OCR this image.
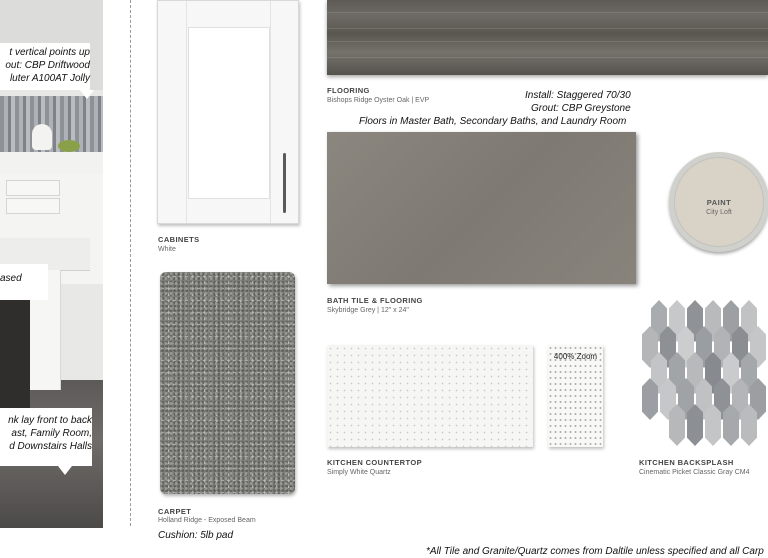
t vertical points up
out: CBP Driftwood
luter A100AT Jolly
ased
nk lay front to back
ast, Family Room,
d Downstairs Halls
CABINETS
White
CARPET
Holland Ridge - Exposed Beam
Cushion: 5lb pad
FLOORING
Bishops Ridge Oyster Oak | EVP	Install: Staggered 70/30
Grout: CBP Greystone
Floors in Master Bath, Secondary Baths, and Laundry Room
BATH TILE & FLOORING
Skybridge Grey | 12" x 24"
PAINT
City Loft
400% Zoom
KITCHEN COUNTERTOP
Simply White Quartz
KITCHEN BACKSPLASH
Cinematic Picket Classic Gray CM4
*All Tile and Granite/Quartz comes from Daltile unless specified and all Carp
